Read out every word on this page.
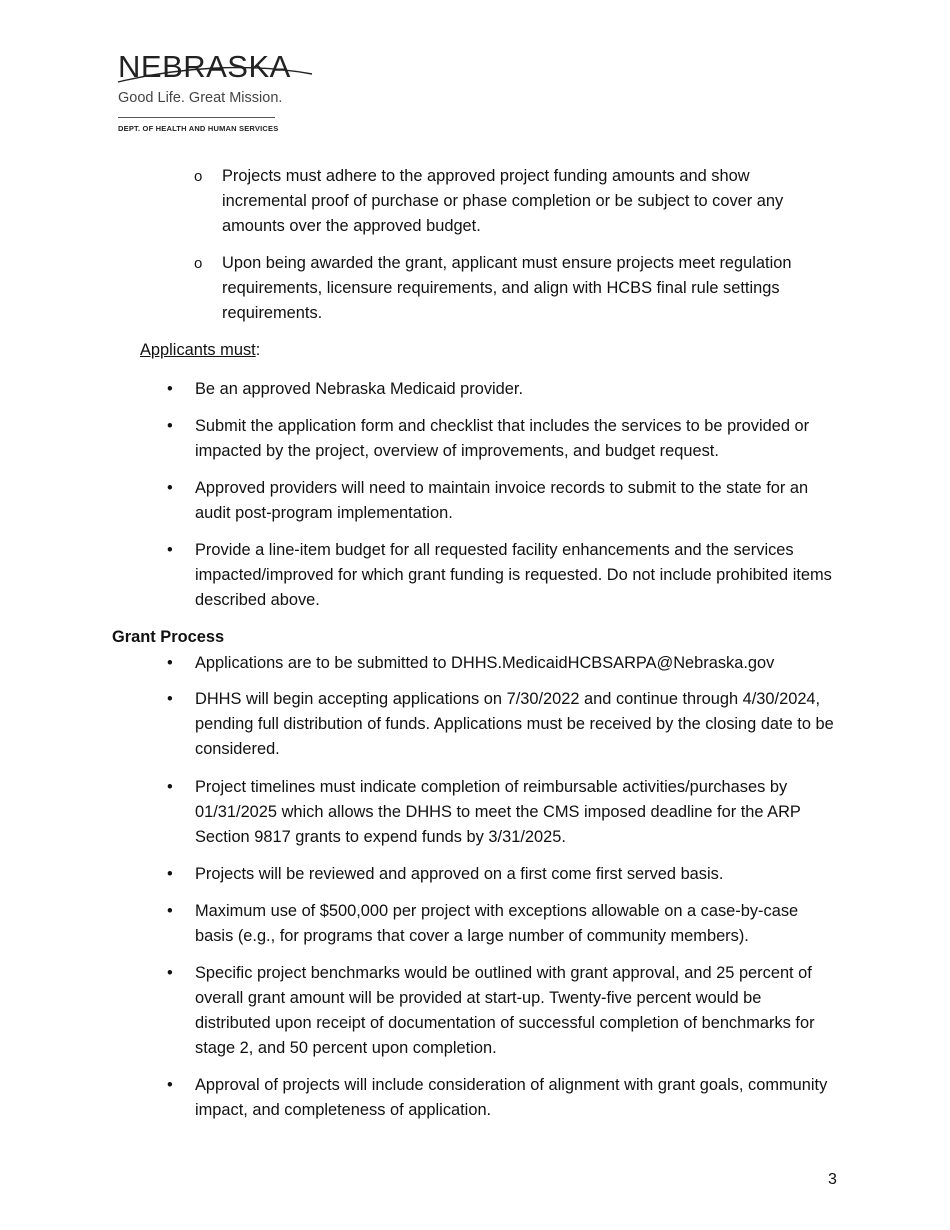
NEBRASKA
Good Life. Great Mission.
DEPT. OF HEALTH AND HUMAN SERVICES
o Projects must adhere to the approved project funding amounts and show incremental proof of purchase or phase completion or be subject to cover any amounts over the approved budget.

o Upon being awarded the grant, applicant must ensure projects meet regulation requirements, licensure requirements, and align with HCBS final rule settings requirements.

Applicants must:
• Be an approved Nebraska Medicaid provider.

• Submit the application form and checklist that includes the services to be provided or impacted by the project, overview of improvements, and budget request.

• Approved providers will need to maintain invoice records to submit to the state for an audit post-program implementation.

• Provide a line-item budget for all requested facility enhancements and the services impacted/improved for which grant funding is requested. Do not include prohibited items described above.

Grant Process
• Applications are to be submitted to DHHS.MedicaidHCBSARPA@Nebraska.gov

• DHHS will begin accepting applications on 7/30/2022 and continue through 4/30/2024, pending full distribution of funds. Applications must be received by the closing date to be considered.

• Project timelines must indicate completion of reimbursable activities/purchases by 01/31/2025 which allows the DHHS to meet the CMS imposed deadline for the ARP Section 9817 grants to expend funds by 3/31/2025.

• Projects will be reviewed and approved on a first come first served basis.

• Maximum use of $500,000 per project with exceptions allowable on a case-by-case basis (e.g., for programs that cover a large number of community members).

• Specific project benchmarks would be outlined with grant approval, and 25 percent of overall grant amount will be provided at start-up. Twenty-five percent would be distributed upon receipt of documentation of successful completion of benchmarks for stage 2, and 50 percent upon completion.

• Approval of projects will include consideration of alignment with grant goals, community impact, and completeness of application.

3
